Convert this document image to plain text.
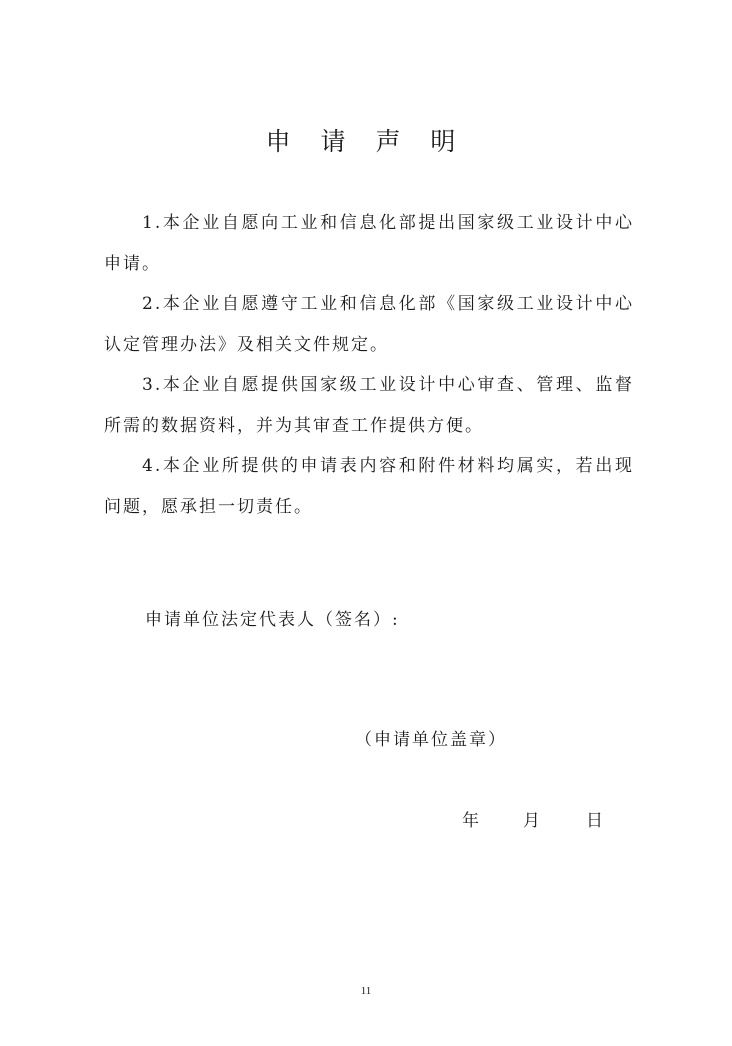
申 请 声 明

1.本企业自愿向工业和信息化部提出国家级工业设计中心申请。

2.本企业自愿遵守工业和信息化部《国家级工业设计中心认定管理办法》及相关文件规定。

3.本企业自愿提供国家级工业设计中心审查、管理、监督所需的数据资料，并为其审查工作提供方便。

4.本企业所提供的申请表内容和附件材料均属实，若出现问题，愿承担一切责任。

申请单位法定代表人（签名）:

（申请单位盖章）

年	月	日

11
